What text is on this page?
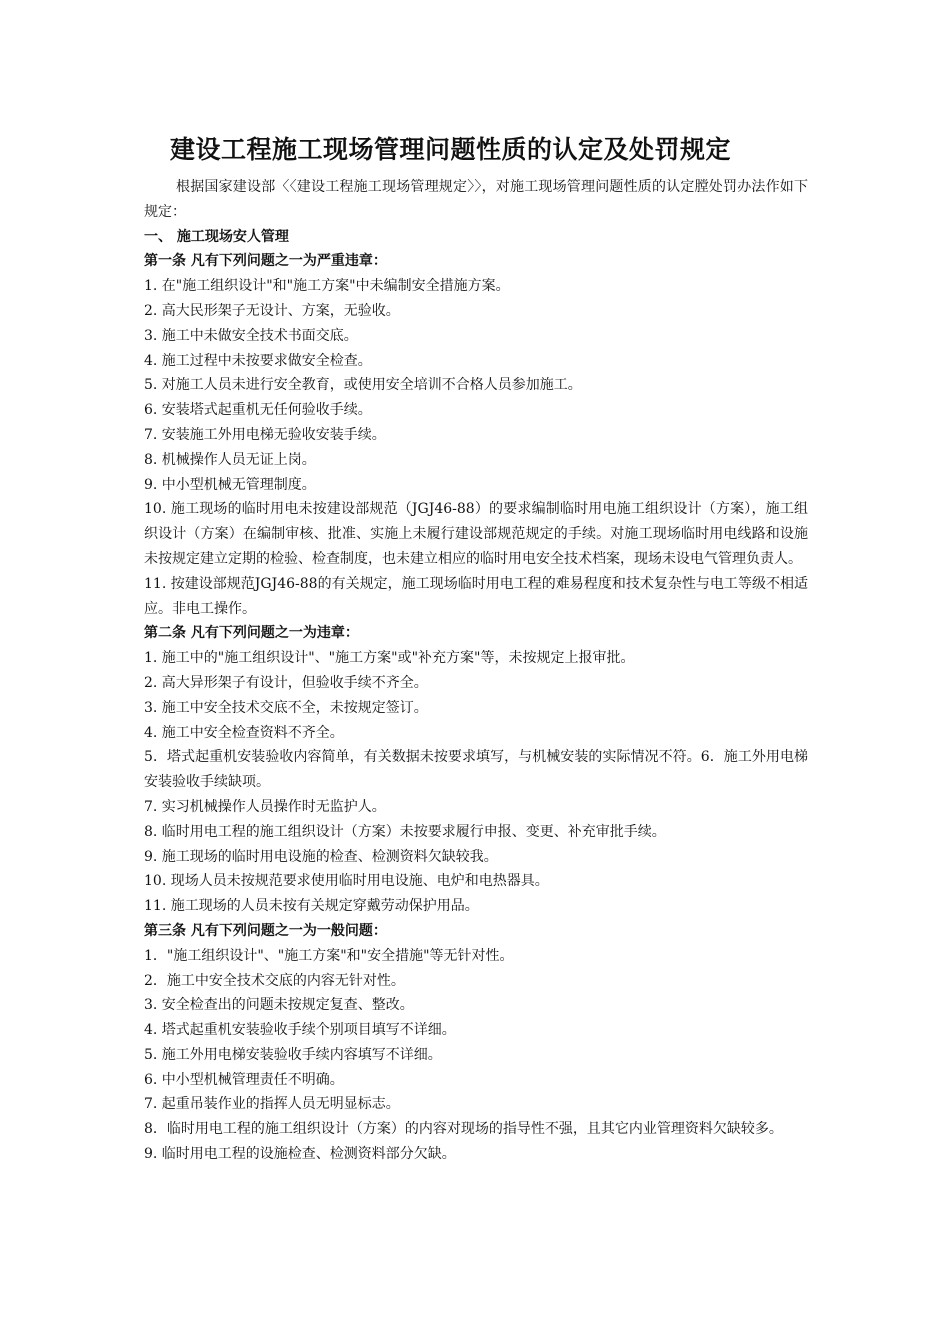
建设工程施工现场管理问题性质的认定及处罚规定

根据国家建设部〈〈建设工程施工现场管理规定〉〉，对施工现场管理问题性质的认定膛处罚办法作如下规定：

一、 施工现场安人管理

第一条 凡有下列问题之一为严重违章：

1. 在"施工组织设计"和"施工方案"中未编制安全措施方案。

2. 高大民形架子无设计、方案，无验收。

3. 施工中未做安全技术书面交底。

4. 施工过程中未按要求做安全检查。

5. 对施工人员未进行安全教育，或使用安全培训不合格人员参加施工。

6. 安装塔式起重机无任何验收手续。

7. 安装施工外用电梯无验收安装手续。

8. 机械操作人员无证上岗。

9. 中小型机械无管理制度。

10. 施工现场的临时用电未按建设部规范（JGJ46-88）的要求编制临时用电施工组织设计（方案），施工组织设计（方案）在编制审核、批准、实施上未履行建设部规范规定的手续。对施工现场临时用电线路和设施未按规定建立定期的检验、检查制度，也未建立相应的临时用电安全技术档案，现场未设电气管理负责人。

11. 按建设部规范JGJ46-88的有关规定，施工现场临时用电工程的难易程度和技术复杂性与电工等级不相适应。非电工操作。

第二条 凡有下列问题之一为违章：

1. 施工中的"施工组织设计"、"施工方案"或"补充方案"等，未按规定上报审批。

2. 高大异形架子有设计，但验收手续不齐全。

3. 施工中安全技术交底不全，未按规定签订。

4. 施工中安全检查资料不齐全。

5．塔式起重机安装验收内容简单，有关数据未按要求填写，与机械安装的实际情况不符。6．施工外用电梯安装验收手续缺项。

7. 实习机械操作人员操作时无监护人。

8. 临时用电工程的施工组织设计（方案）未按要求履行申报、变更、补充审批手续。

9. 施工现场的临时用电设施的检查、检测资料欠缺较我。

10. 现场人员未按规范要求使用临时用电设施、电炉和电热器具。

11. 施工现场的人员未按有关规定穿戴劳动保护用品。

第三条 凡有下列问题之一为一般问题：

1．"施工组织设计"、"施工方案"和"安全措施"等无针对性。

2．施工中安全技术交底的内容无针对性。

3. 安全检查出的问题未按规定复查、整改。

4. 塔式起重机安装验收手续个别项目填写不详细。

5. 施工外用电梯安装验收手续内容填写不详细。

6. 中小型机械管理责任不明确。

7. 起重吊装作业的指挥人员无明显标志。

8．临时用电工程的施工组织设计（方案）的内容对现场的指导性不强，且其它内业管理资料欠缺较多。

9. 临时用电工程的设施检查、检测资料部分欠缺。
